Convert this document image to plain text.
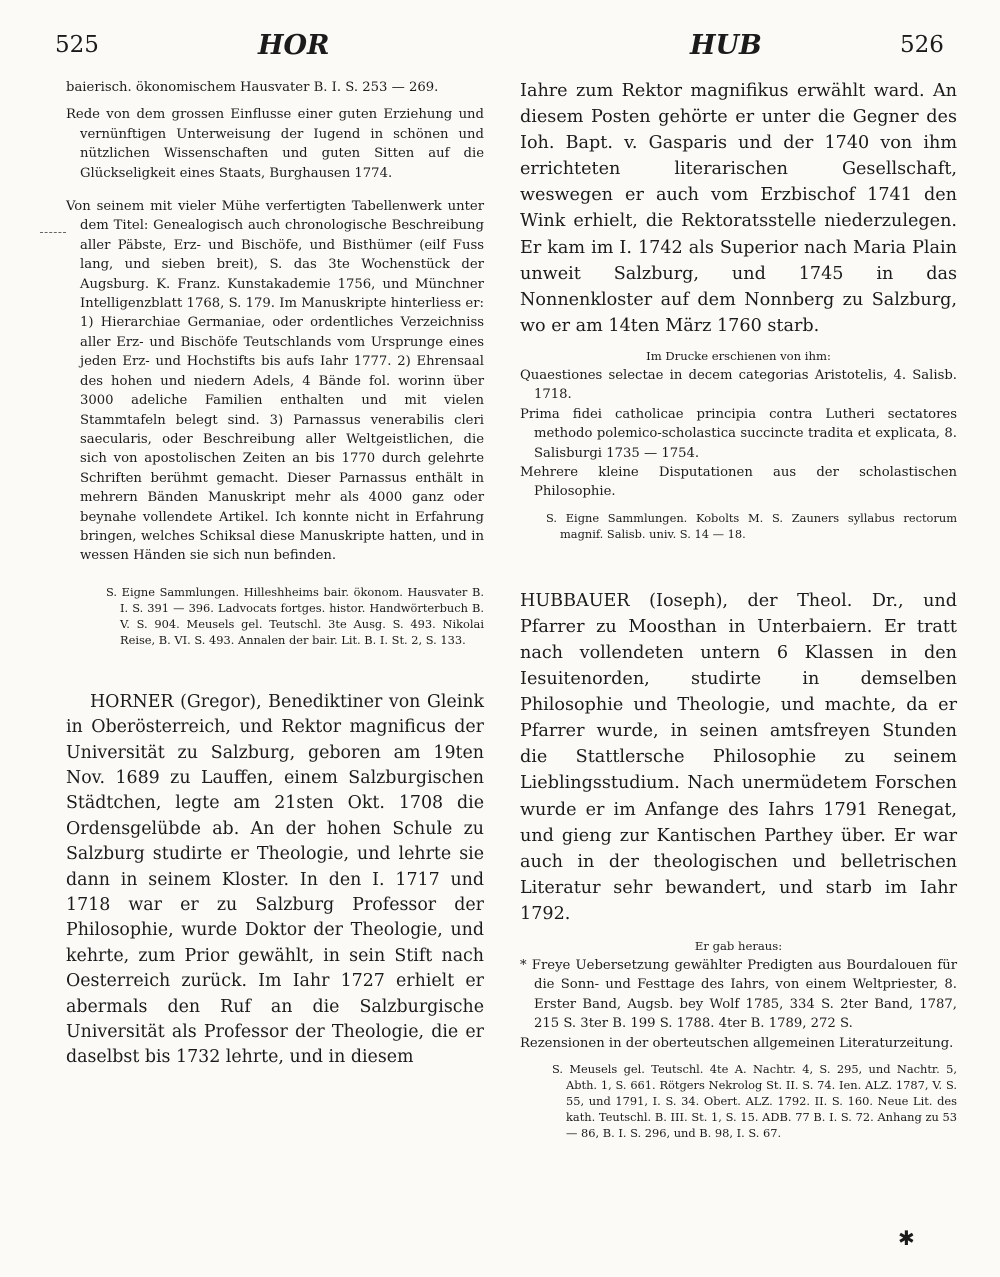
525	HOR	HUB	526

baierisch. ökonomischem Hausvater B. I. S. 253 — 269.

Rede von dem grossen Einflusse einer guten Erziehung und vernünftigen Unterweisung der Iugend in schönen und nützlichen Wissenschaften und guten Sitten auf die Glückseligkeit eines Staats, Burghausen 1774.

Von seinem mit vieler Mühe verfertigten Tabellenwerk unter dem Titel: Genealogisch auch chronologische Beschreibung aller Päbste, Erz- und Bischöfe, und Bisthümer (eilf Fuss lang, und sieben breit), S. das 3te Wochenstück der Augsburg. K. Franz. Kunstakademie 1756, und Münchner Intelligenzblatt 1768, S. 179. Im Manuskripte hinterliess er: 1) Hierarchiae Germaniae, oder ordentliches Verzeichniss aller Erz- und Bischöfe Teutschlands vom Ursprunge eines jeden Erz- und Hochstifts bis aufs Iahr 1777. 2) Ehrensaal des hohen und niedern Adels, 4 Bände fol. worinn über 3000 adeliche Familien enthalten und mit vielen Stammtafeln belegt sind. 3) Parnassus venerabilis cleri saecularis, oder Beschreibung aller Weltgeistlichen, die sich von apostolischen Zeiten an bis 1770 durch gelehrte Schriften berühmt gemacht. Dieser Parnassus enthält in mehrern Bänden Manuskript mehr als 4000 ganz oder beynahe vollendete Artikel. Ich konnte nicht in Erfahrung bringen, welches Schiksal diese Manuskripte hatten, und in wessen Händen sie sich nun befinden.

S. Eigne Sammlungen. Hilleshheims bair. ökonom. Hausvater B. I. S. 391 — 396. Ladvocats fortges. histor. Handwörterbuch B. V. S. 904. Meusels gel. Teutschl. 3te Ausg. S. 493. Nikolai Reise, B. VI. S. 493. Annalen der bair. Lit. B. I. St. 2, S. 133.

HORNER (Gregor), Benediktiner von Gleink in Oberösterreich, und Rektor magnificus der Universität zu Salzburg, geboren am 19ten Nov. 1689 zu Lauffen, einem Salzburgischen Städtchen, legte am 21sten Okt. 1708 die Ordensgelübde ab. An der hohen Schule zu Salzburg studirte er Theologie, und lehrte sie dann in seinem Kloster. In den I. 1717 und 1718 war er zu Salzburg Professor der Philosophie, wurde Doktor der Theologie, und kehrte, zum Prior gewählt, in sein Stift nach Oesterreich zurück. Im Iahr 1727 erhielt er abermals den Ruf an die Salzburgische Universität als Professor der Theologie, die er daselbst bis 1732 lehrte, und in diesem

Iahre zum Rektor magnifikus erwählt ward. An diesem Posten gehörte er unter die Gegner des Ioh. Bapt. v. Gasparis und der 1740 von ihm errichteten literarischen Gesellschaft, weswegen er auch vom Erzbischof 1741 den Wink erhielt, die Rektoratsstelle niederzulegen. Er kam im I. 1742 als Superior nach Maria Plain unweit Salzburg, und 1745 in das Nonnenkloster auf dem Nonnberg zu Salzburg, wo er am 14ten März 1760 starb.

Im Drucke erschienen von ihm:

Quaestiones selectae in decem categorias Aristotelis, 4. Salisb. 1718.

Prima fidei catholicae principia contra Lutheri sectatores methodo polemico-scholastica succincte tradita et explicata, 8. Salisburgi 1735 — 1754.

Mehrere kleine Disputationen aus der scholastischen Philosophie.

S. Eigne Sammlungen. Kobolts M. S. Zauners syllabus rectorum magnif. Salisb. univ. S. 14 — 18.

HUBBAUER (Ioseph), der Theol. Dr., und Pfarrer zu Moosthan in Unterbaiern. Er tratt nach vollendeten untern 6 Klassen in den Iesuitenorden, studirte in demselben Philosophie und Theologie, und machte, da er Pfarrer wurde, in seinen amtsfreyen Stunden die Stattlersche Philosophie zu seinem Lieblingsstudium. Nach unermüdetem Forschen wurde er im Anfange des Iahrs 1791 Renegat, und gieng zur Kantischen Parthey über. Er war auch in der theologischen und belletrischen Literatur sehr bewandert, und starb im Iahr 1792.

Er gab heraus:

* Freye Uebersetzung gewählter Predigten aus Bourdalouen für die Sonn- und Festtage des Iahrs, von einem Weltpriester, 8. Erster Band, Augsb. bey Wolf 1785, 334 S. 2ter Band, 1787, 215 S. 3ter B. 199 S. 1788. 4ter B. 1789, 272 S.

Rezensionen in der oberteutschen allgemeinen Literaturzeitung.

S. Meusels gel. Teutschl. 4te A. Nachtr. 4, S. 295, und Nachtr. 5, Abth. 1, S. 661. Rötgers Nekrolog St. II. S. 74. Ien. ALZ. 1787, V. S. 55, und 1791, I. S. 34. Obert. ALZ. 1792. II. S. 160. Neue Lit. des kath. Teutschl. B. III. St. 1, S. 15. ADB. 77 B. I. S. 72. Anhang zu 53 — 86, B. I. S. 296, und B. 98, I. S. 67.

✱
